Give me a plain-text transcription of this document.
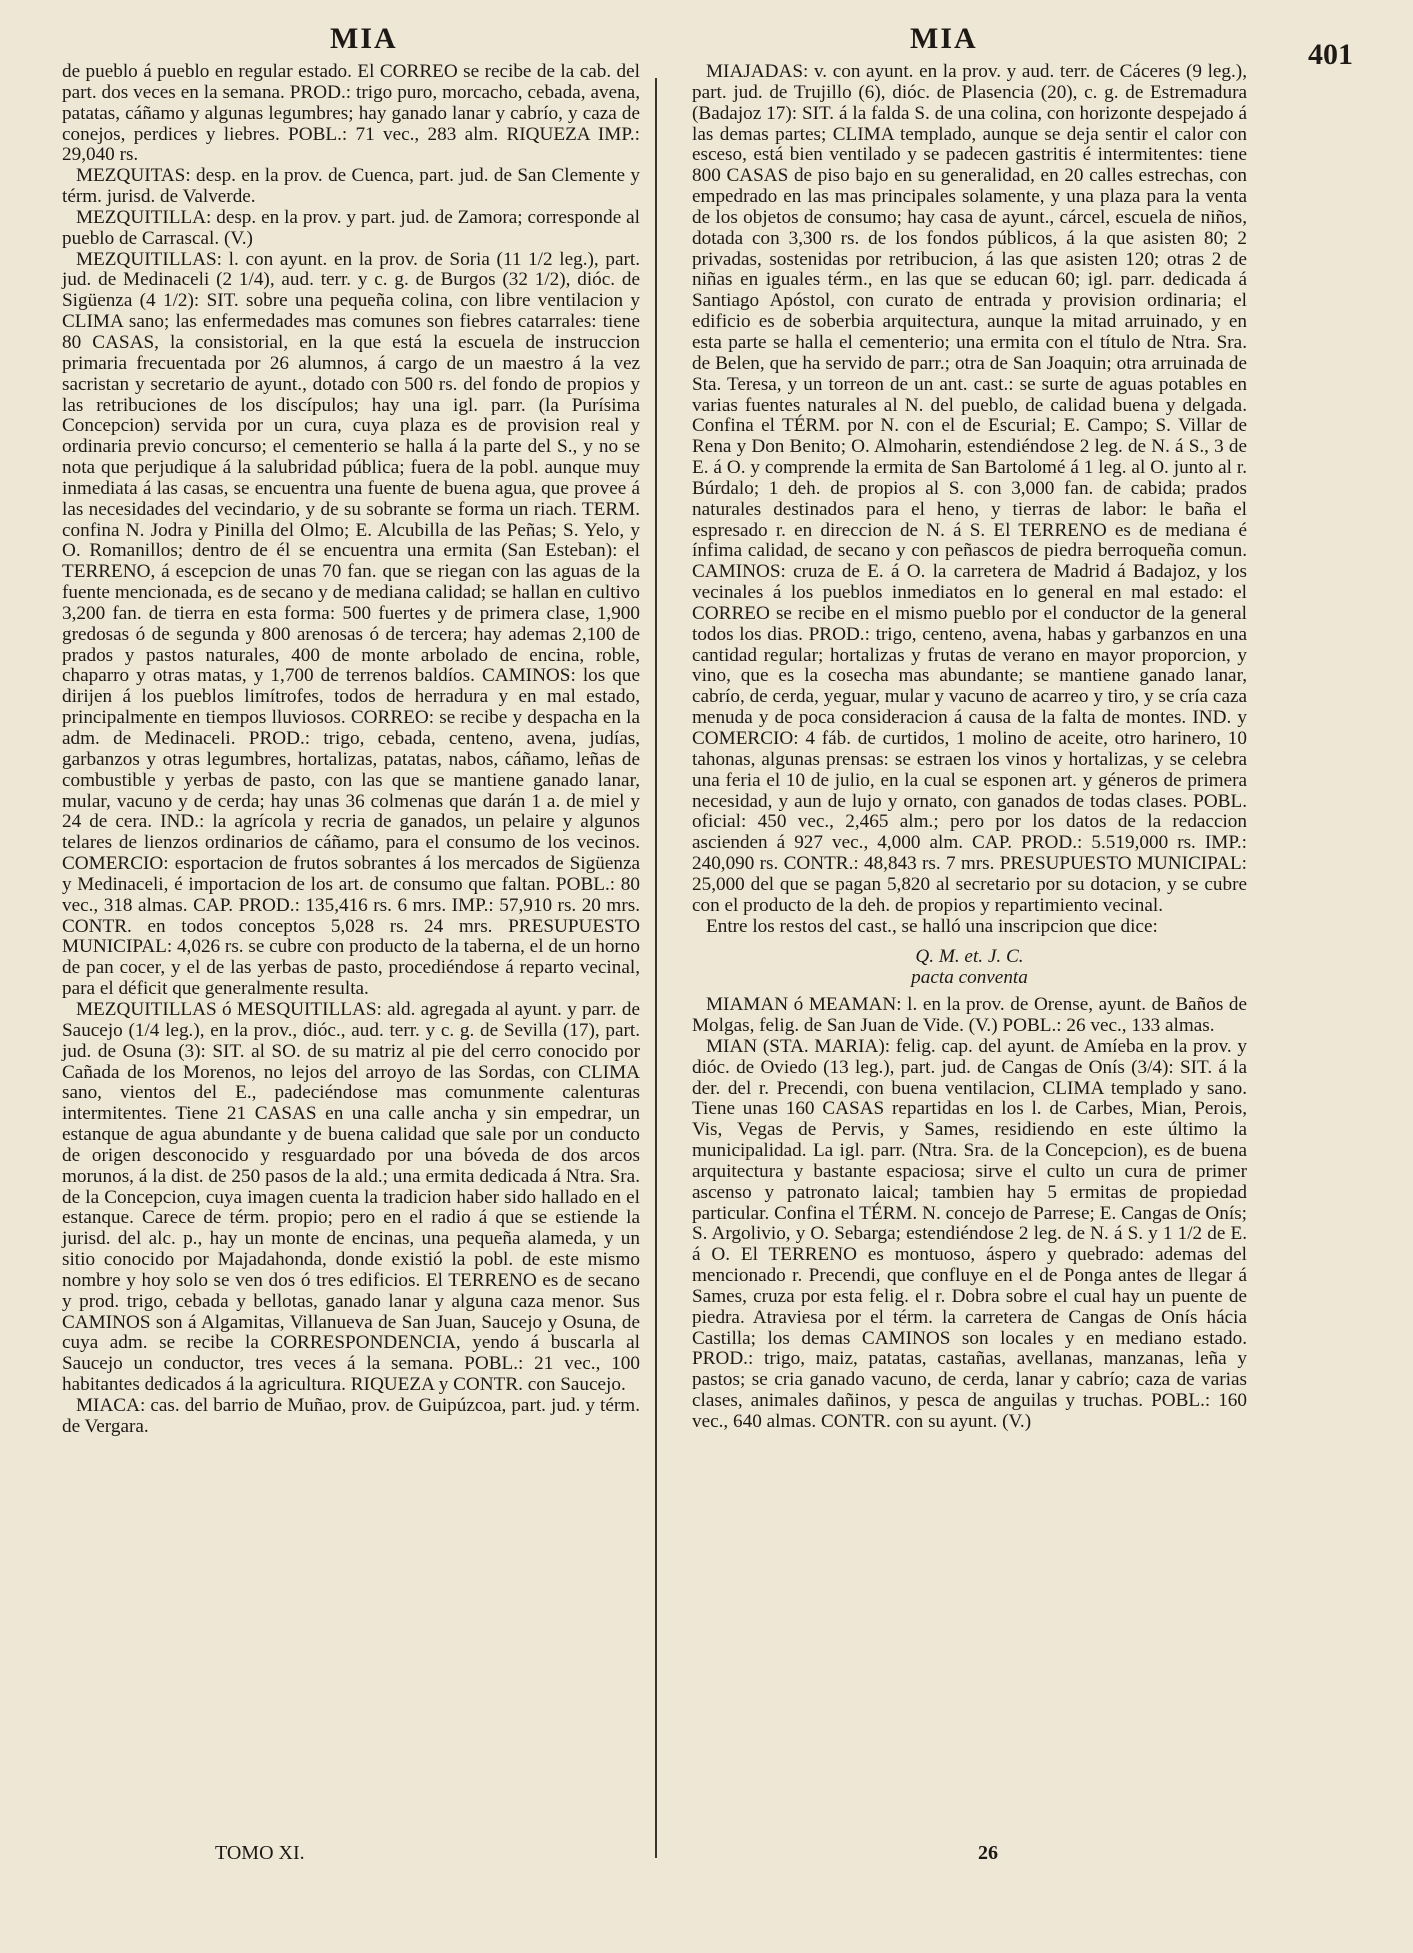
MIA	MIA	401

de pueblo á pueblo en regular estado. El CORREO se recibe de la cab. del part. dos veces en la semana. PROD.: trigo puro, morcacho, cebada, avena, patatas, cáñamo y algunas legumbres; hay ganado lanar y cabrío, y caza de conejos, perdices y liebres. POBL.: 71 vec., 283 alm. RIQUEZA IMP.: 29,040 rs.

MEZQUITAS: desp. en la prov. de Cuenca, part. jud. de San Clemente y térm. jurisd. de Valverde.

MEZQUITILLA: desp. en la prov. y part. jud. de Zamora; corresponde al pueblo de Carrascal. (V.)

MEZQUITILLAS: l. con ayunt. en la prov. de Soria (11 1/2 leg.), part. jud. de Medinaceli (2 1/4), aud. terr. y c. g. de Burgos (32 1/2), dióc. de Sigüenza (4 1/2): SIT. sobre una pequeña colina, con libre ventilacion y CLIMA sano; las enfermedades mas comunes son fiebres catarrales: tiene 80 CASAS, la consistorial, en la que está la escuela de instruccion primaria frecuentada por 26 alumnos, á cargo de un maestro á la vez sacristan y secretario de ayunt., dotado con 500 rs. del fondo de propios y las retribuciones de los discípulos; hay una igl. parr. (la Purísima Concepcion) servida por un cura, cuya plaza es de provision real y ordinaria previo concurso; el cementerio se halla á la parte del S., y no se nota que perjudique á la salubridad pública; fuera de la pobl. aunque muy inmediata á las casas, se encuentra una fuente de buena agua, que provee á las necesidades del vecindario, y de su sobrante se forma un riach. TERM. confina N. Jodra y Pinilla del Olmo; E. Alcubilla de las Peñas; S. Yelo, y O. Romanillos; dentro de él se encuentra una ermita (San Esteban): el TERRENO, á escepcion de unas 70 fan. que se riegan con las aguas de la fuente mencionada, es de secano y de mediana calidad; se hallan en cultivo 3,200 fan. de tierra en esta forma: 500 fuertes y de primera clase, 1,900 gredosas ó de segunda y 800 arenosas ó de tercera; hay ademas 2,100 de prados y pastos naturales, 400 de monte arbolado de encina, roble, chaparro y otras matas, y 1,700 de terrenos baldíos. CAMINOS: los que dirijen á los pueblos limítrofes, todos de herradura y en mal estado, principalmente en tiempos lluviosos. CORREO: se recibe y despacha en la adm. de Medinaceli. PROD.: trigo, cebada, centeno, avena, judías, garbanzos y otras legumbres, hortalizas, patatas, nabos, cáñamo, leñas de combustible y yerbas de pasto, con las que se mantiene ganado lanar, mular, vacuno y de cerda; hay unas 36 colmenas que darán 1 a. de miel y 24 de cera. IND.: la agrícola y recria de ganados, un pelaire y algunos telares de lienzos ordinarios de cáñamo, para el consumo de los vecinos. COMERCIO: esportacion de frutos sobrantes á los mercados de Sigüenza y Medinaceli, é importacion de los art. de consumo que faltan. POBL.: 80 vec., 318 almas. CAP. PROD.: 135,416 rs. 6 mrs. IMP.: 57,910 rs. 20 mrs. CONTR. en todos conceptos 5,028 rs. 24 mrs. PRESUPUESTO MUNICIPAL: 4,026 rs. se cubre con producto de la taberna, el de un horno de pan cocer, y el de las yerbas de pasto, procediéndose á reparto vecinal, para el déficit que generalmente resulta.

MEZQUITILLAS ó MESQUITILLAS: ald. agregada al ayunt. y parr. de Saucejo (1/4 leg.), en la prov., dióc., aud. terr. y c. g. de Sevilla (17), part. jud. de Osuna (3): SIT. al SO. de su matriz al pie del cerro conocido por Cañada de los Morenos, no lejos del arroyo de las Sordas, con CLIMA sano, vientos del E., padeciéndose mas comunmente calenturas intermitentes. Tiene 21 CASAS en una calle ancha y sin empedrar, un estanque de agua abundante y de buena calidad que sale por un conducto de origen desconocido y resguardado por una bóveda de dos arcos morunos, á la dist. de 250 pasos de la ald.; una ermita dedicada á Ntra. Sra. de la Concepcion, cuya imagen cuenta la tradicion haber sido hallado en el estanque. Carece de térm. propio; pero en el radio á que se estiende la jurisd. del alc. p., hay un monte de encinas, una pequeña alameda, y un sitio conocido por Majadahonda, donde existió la pobl. de este mismo nombre y hoy solo se ven dos ó tres edificios. El TERRENO es de secano y prod. trigo, cebada y bellotas, ganado lanar y alguna caza menor. Sus CAMINOS son á Algamitas, Villanueva de San Juan, Saucejo y Osuna, de cuya adm. se recibe la CORRESPONDENCIA, yendo á buscarla al Saucejo un conductor, tres veces á la semana. POBL.: 21 vec., 100 habitantes dedicados á la agricultura. RIQUEZA y CONTR. con Saucejo.

MIACA: cas. del barrio de Muñao, prov. de Guipúzcoa, part. jud. y térm. de Vergara.

MIAJADAS: v. con ayunt. en la prov. y aud. terr. de Cáceres (9 leg.), part. jud. de Trujillo (6), dióc. de Plasencia (20), c. g. de Estremadura (Badajoz 17): SIT. á la falda S. de una colina, con horizonte despejado á las demas partes; CLIMA templado, aunque se deja sentir el calor con esceso, está bien ventilado y se padecen gastritis é intermitentes: tiene 800 CASAS de piso bajo en su generalidad, en 20 calles estrechas, con empedrado en las mas principales solamente, y una plaza para la venta de los objetos de consumo; hay casa de ayunt., cárcel, escuela de niños, dotada con 3,300 rs. de los fondos públicos, á la que asisten 80; 2 privadas, sostenidas por retribucion, á las que asisten 120; otras 2 de niñas en iguales térm., en las que se educan 60; igl. parr. dedicada á Santiago Apóstol, con curato de entrada y provision ordinaria; el edificio es de soberbia arquitectura, aunque la mitad arruinado, y en esta parte se halla el cementerio; una ermita con el título de Ntra. Sra. de Belen, que ha servido de parr.; otra de San Joaquin; otra arruinada de Sta. Teresa, y un torreon de un ant. cast.: se surte de aguas potables en varias fuentes naturales al N. del pueblo, de calidad buena y delgada. Confina el TÉRM. por N. con el de Escurial; E. Campo; S. Villar de Rena y Don Benito; O. Almoharin, estendiéndose 2 leg. de N. á S., 3 de E. á O. y comprende la ermita de San Bartolomé á 1 leg. al O. junto al r. Búrdalo; 1 deh. de propios al S. con 3,000 fan. de cabida; prados naturales destinados para el heno, y tierras de labor: le baña el espresado r. en direccion de N. á S. El TERRENO es de mediana é ínfima calidad, de secano y con peñascos de piedra berroqueña comun. CAMINOS: cruza de E. á O. la carretera de Madrid á Badajoz, y los vecinales á los pueblos inmediatos en lo general en mal estado: el CORREO se recibe en el mismo pueblo por el conductor de la general todos los dias. PROD.: trigo, centeno, avena, habas y garbanzos en una cantidad regular; hortalizas y frutas de verano en mayor proporcion, y vino, que es la cosecha mas abundante; se mantiene ganado lanar, cabrío, de cerda, yeguar, mular y vacuno de acarreo y tiro, y se cría caza menuda y de poca consideracion á causa de la falta de montes. IND. y COMERCIO: 4 fáb. de curtidos, 1 molino de aceite, otro harinero, 10 tahonas, algunas prensas: se estraen los vinos y hortalizas, y se celebra una feria el 10 de julio, en la cual se esponen art. y géneros de primera necesidad, y aun de lujo y ornato, con ganados de todas clases. POBL. oficial: 450 vec., 2,465 alm.; pero por los datos de la redaccion ascienden á 927 vec., 4,000 alm. CAP. PROD.: 5.519,000 rs. IMP.: 240,090 rs. CONTR.: 48,843 rs. 7 mrs. PRESUPUESTO MUNICIPAL: 25,000 del que se pagan 5,820 al secretario por su dotacion, y se cubre con el producto de la deh. de propios y repartimiento vecinal.

Entre los restos del cast., se halló una inscripcion que dice:

Q. M. et. J. C.

pacta conventa

MIAMAN ó MEAMAN: l. en la prov. de Orense, ayunt. de Baños de Molgas, felig. de San Juan de Vide. (V.) POBL.: 26 vec., 133 almas.

MIAN (STA. MARIA): felig. cap. del ayunt. de Amíeba en la prov. y dióc. de Oviedo (13 leg.), part. jud. de Cangas de Onís (3/4): SIT. á la der. del r. Precendi, con buena ventilacion, CLIMA templado y sano. Tiene unas 160 CASAS repartidas en los l. de Carbes, Mian, Perois, Vis, Vegas de Pervis, y Sames, residiendo en este último la municipalidad. La igl. parr. (Ntra. Sra. de la Concepcion), es de buena arquitectura y bastante espaciosa; sirve el culto un cura de primer ascenso y patronato laical; tambien hay 5 ermitas de propiedad particular. Confina el TÉRM. N. concejo de Parrese; E. Cangas de Onís; S. Argolivio, y O. Sebarga; estendiéndose 2 leg. de N. á S. y 1 1/2 de E. á O. El TERRENO es montuoso, áspero y quebrado: ademas del mencionado r. Precendi, que confluye en el de Ponga antes de llegar á Sames, cruza por esta felig. el r. Dobra sobre el cual hay un puente de piedra. Atraviesa por el térm. la carretera de Cangas de Onís hácia Castilla; los demas CAMINOS son locales y en mediano estado. PROD.: trigo, maiz, patatas, castañas, avellanas, manzanas, leña y pastos; se cria ganado vacuno, de cerda, lanar y cabrío; caza de varias clases, animales dañinos, y pesca de anguilas y truchas. POBL.: 160 vec., 640 almas. CONTR. con su ayunt. (V.)

TOMO XI.	26
